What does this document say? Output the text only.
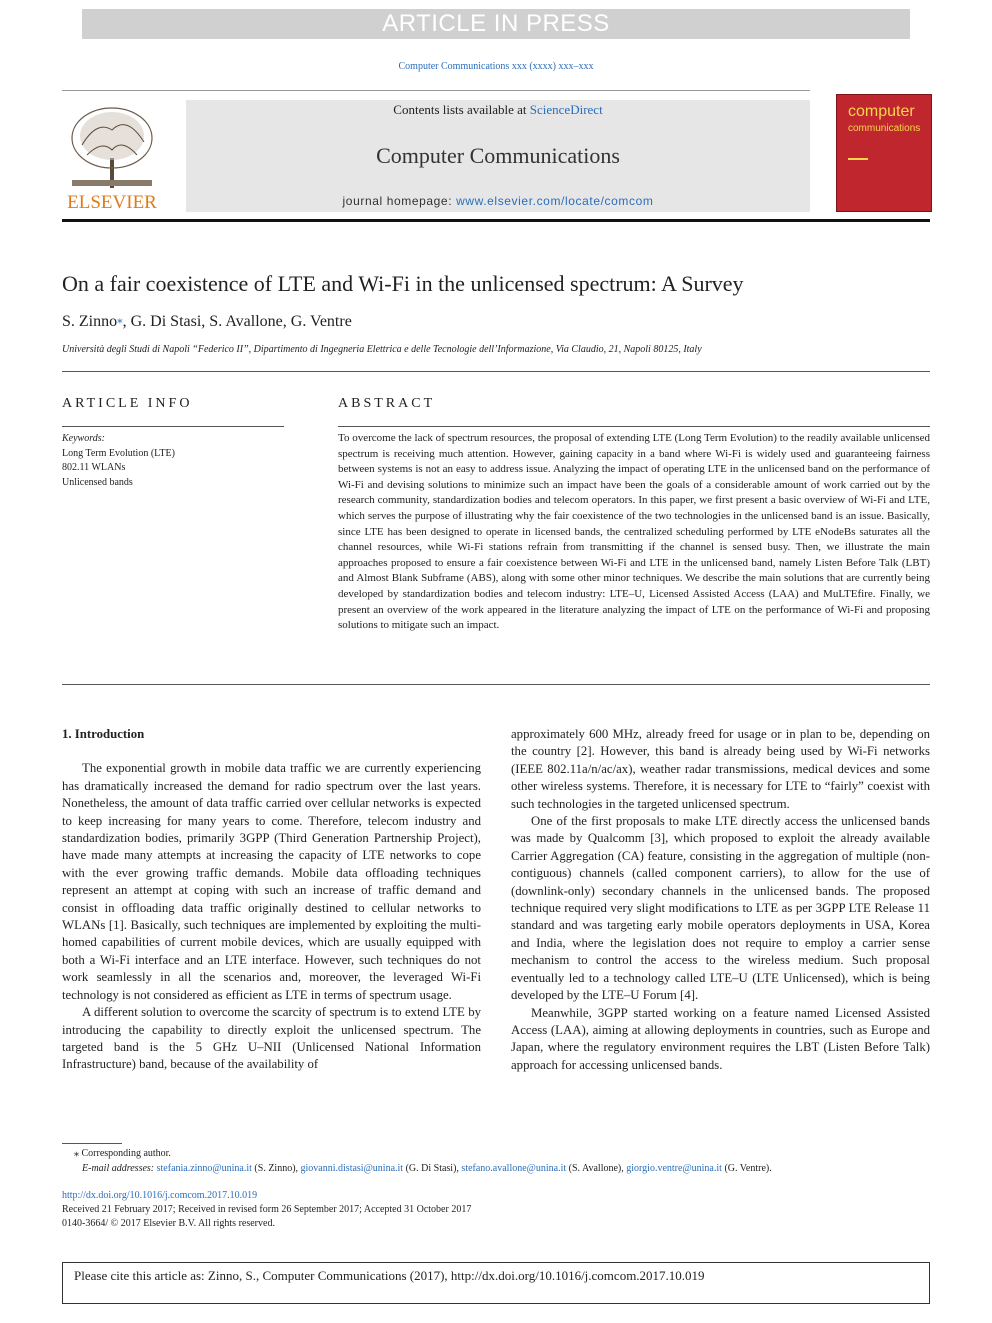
ARTICLE IN PRESS
Computer Communications xxx (xxxx) xxx–xxx
ELSEVIER
Contents lists available at ScienceDirect
Computer Communications
journal homepage: www.elsevier.com/locate/comcom
computer
communications
On a fair coexistence of LTE and Wi-Fi in the unlicensed spectrum: A Survey
S. Zinno⁎, G. Di Stasi, S. Avallone, G. Ventre
Università degli Studi di Napoli “Federico II”, Dipartimento di Ingegneria Elettrica e delle Tecnologie dell’Informazione, Via Claudio, 21, Napoli 80125, Italy
ARTICLE INFO	ABSTRACT
Keywords:
Long Term Evolution (LTE)
802.11 WLANs
Unlicensed bands
To overcome the lack of spectrum resources, the proposal of extending LTE (Long Term Evolution) to the readily available unlicensed spectrum is receiving much attention. However, gaining capacity in a band where Wi-Fi is widely used and guaranteeing fairness between systems is not an easy to address issue. Analyzing the impact of operating LTE in the unlicensed band on the performance of Wi-Fi and devising solutions to minimize such an impact have been the goals of a considerable amount of work carried out by the research community, standardization bodies and telecom operators. In this paper, we first present a basic overview of Wi-Fi and LTE, which serves the purpose of illustrating why the fair coexistence of the two technologies in the unlicensed band is an issue. Basically, since LTE has been designed to operate in licensed bands, the centralized scheduling performed by LTE eNodeBs saturates all the channel resources, while Wi-Fi stations refrain from transmitting if the channel is sensed busy. Then, we illustrate the main approaches proposed to ensure a fair coexistence between Wi-Fi and LTE in the unlicensed band, namely Listen Before Talk (LBT) and Almost Blank Subframe (ABS), along with some other minor techniques. We describe the main solutions that are currently being developed by standardization bodies and telecom industry: LTE–U, Licensed Assisted Access (LAA) and MuLTEfire. Finally, we present an overview of the work appeared in the literature analyzing the impact of LTE on the performance of Wi-Fi and proposing solutions to mitigate such an impact.
1. Introduction

The exponential growth in mobile data traffic we are currently experiencing has dramatically increased the demand for radio spectrum over the last years. Nonetheless, the amount of data traffic carried over cellular networks is expected to keep increasing for many years to come. Therefore, telecom industry and standardization bodies, primarily 3GPP (Third Generation Partnership Project), have made many attempts at increasing the capacity of LTE networks to cope with the ever growing traffic demands. Mobile data offloading techniques represent an attempt at coping with such an increase of traffic demand and consist in offloading data traffic originally destined to cellular networks to WLANs [1]. Basically, such techniques are implemented by exploiting the multi-homed capabilities of current mobile devices, which are usually equipped with both a Wi-Fi interface and an LTE interface. However, such techniques do not work seamlessly in all the scenarios and, moreover, the leveraged Wi-Fi technology is not considered as efficient as LTE in terms of spectrum usage.

A different solution to overcome the scarcity of spectrum is to extend LTE by introducing the capability to directly exploit the unlicensed spectrum. The targeted band is the 5 GHz U–NII (Unlicensed National Information Infrastructure) band, because of the availability of

approximately 600 MHz, already freed for usage or in plan to be, depending on the country [2]. However, this band is already being used by Wi-Fi networks (IEEE 802.11a/n/ac/ax), weather radar transmissions, medical devices and some other wireless systems. Therefore, it is necessary for LTE to “fairly” coexist with such technologies in the targeted unlicensed spectrum.

One of the first proposals to make LTE directly access the unlicensed bands was made by Qualcomm [3], which proposed to exploit the already available Carrier Aggregation (CA) feature, consisting in the aggregation of multiple (non-contiguous) channels (called component carriers), to allow for the use of (downlink-only) secondary channels in the unlicensed bands. The proposed technique required very slight modifications to LTE as per 3GPP LTE Release 11 standard and was targeting early mobile operators deployments in USA, Korea and India, where the legislation does not require to employ a carrier sense mechanism to control the access to the wireless medium. Such proposal eventually led to a technology called LTE–U (LTE Unlicensed), which is being developed by the LTE–U Forum [4].

Meanwhile, 3GPP started working on a feature named Licensed Assisted Access (LAA), aiming at allowing deployments in countries, such as Europe and Japan, where the regulatory environment requires the LBT (Listen Before Talk) approach for accessing unlicensed bands.

⁎ Corresponding author.
E-mail addresses: stefania.zinno@unina.it (S. Zinno), giovanni.distasi@unina.it (G. Di Stasi), stefano.avallone@unina.it (S. Avallone), giorgio.ventre@unina.it (G. Ventre).
http://dx.doi.org/10.1016/j.comcom.2017.10.019
Received 21 February 2017; Received in revised form 26 September 2017; Accepted 31 October 2017
0140-3664/ © 2017 Elsevier B.V. All rights reserved.
Please cite this article as: Zinno, S., Computer Communications (2017), http://dx.doi.org/10.1016/j.comcom.2017.10.019
